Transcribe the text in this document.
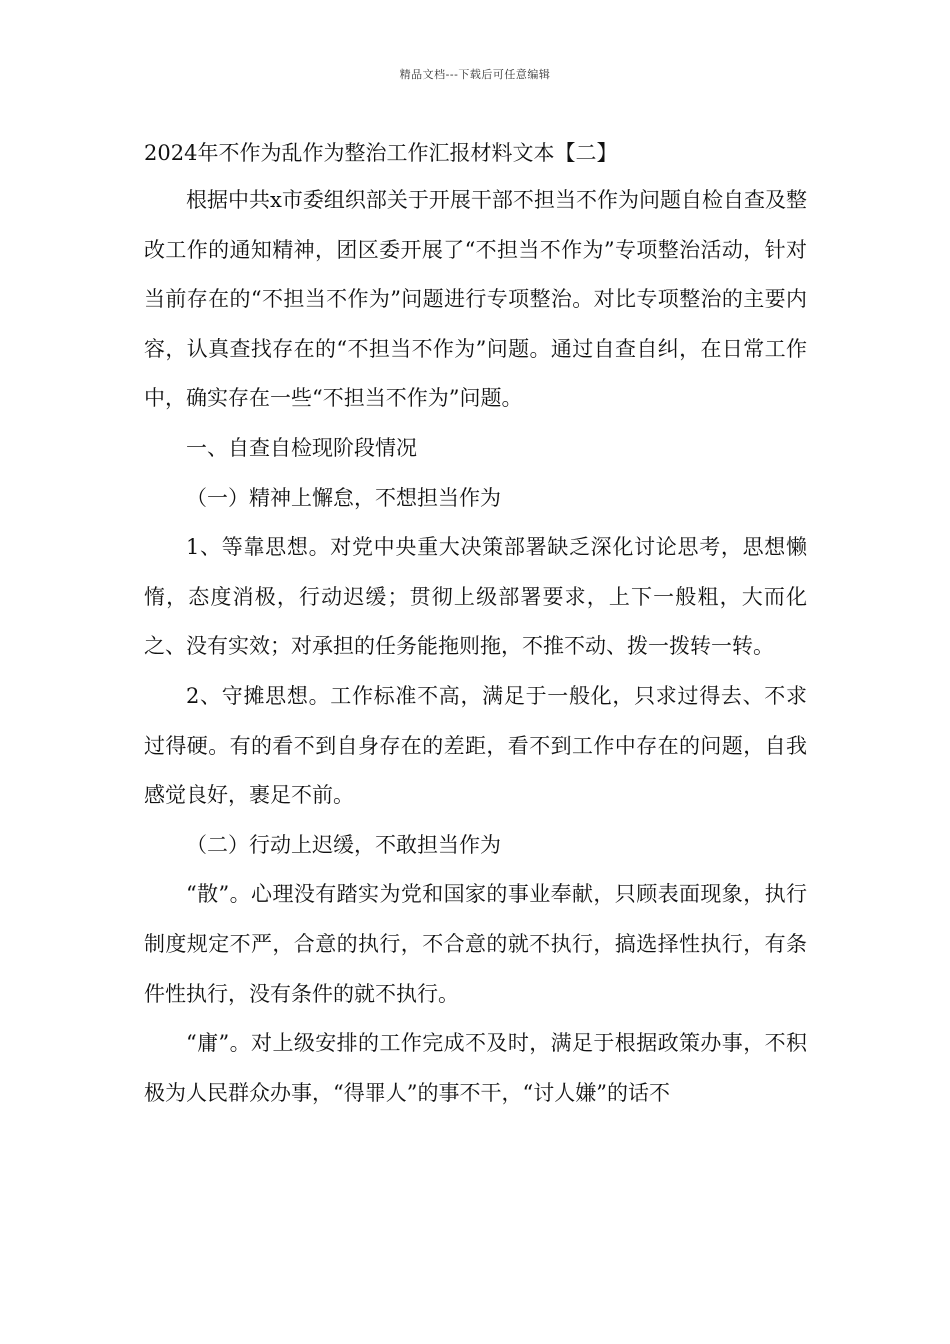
精品文档---下载后可任意编辑
2024年不作为乱作为整治工作汇报材料文本【二】

根据中共x市委组织部关于开展干部不担当不作为问题自检自查及整改工作的通知精神，团区委开展了“不担当不作为”专项整治活动，针对当前存在的“不担当不作为”问题进行专项整治。对比专项整治的主要内容，认真查找存在的“不担当不作为”问题。通过自查自纠，在日常工作中，确实存在一些“不担当不作为”问题。

一、自查自检现阶段情况

（一）精神上懈怠，不想担当作为

1、等靠思想。对党中央重大决策部署缺乏深化讨论思考，思想懒惰，态度消极，行动迟缓；贯彻上级部署要求，上下一般粗，大而化之、没有实效；对承担的任务能拖则拖，不推不动、拨一拨转一转。

2、守摊思想。工作标准不高，满足于一般化，只求过得去、不求过得硬。有的看不到自身存在的差距，看不到工作中存在的问题，自我感觉良好，裹足不前。

（二）行动上迟缓，不敢担当作为

“散”。心理没有踏实为党和国家的事业奉献，只顾表面现象，执行制度规定不严，合意的执行，不合意的就不执行，搞选择性执行，有条件性执行，没有条件的就不执行。

“庸”。对上级安排的工作完成不及时，满足于根据政策办事，不积极为人民群众办事，“得罪人”的事不干，“讨人嫌”的话不
